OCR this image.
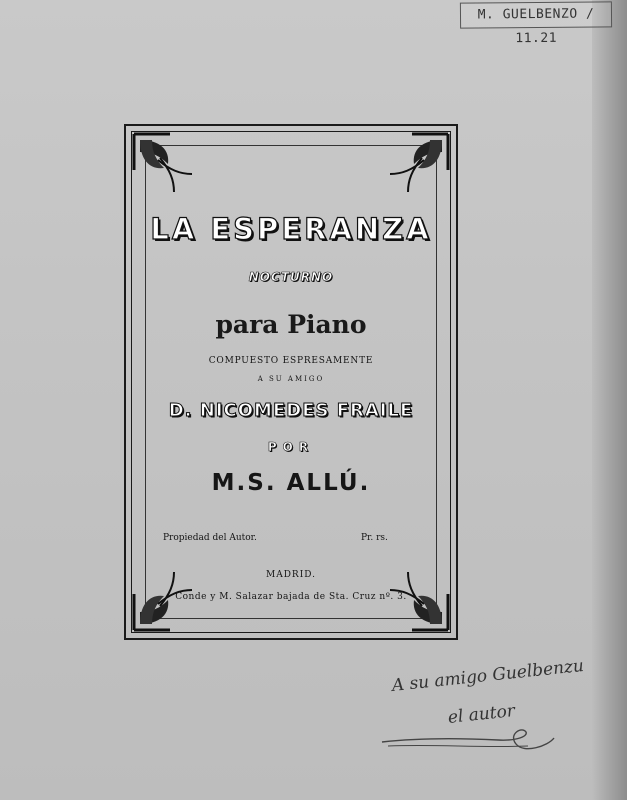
M. GUELBENZO / 11.21

LA ESPERANZA

NOCTURNO

para Piano

COMPUESTO ESPRESAMENTE

A SU AMIGO

D. NICOMEDES FRAILE

POR

M.S. ALLÚ.

Propiedad del Autor.	Pr. rs.
MADRID.
Conde y M. Salazar bajada de Sta. Cruz nº. 3.
A su amigo Guelbenzu
el autor
